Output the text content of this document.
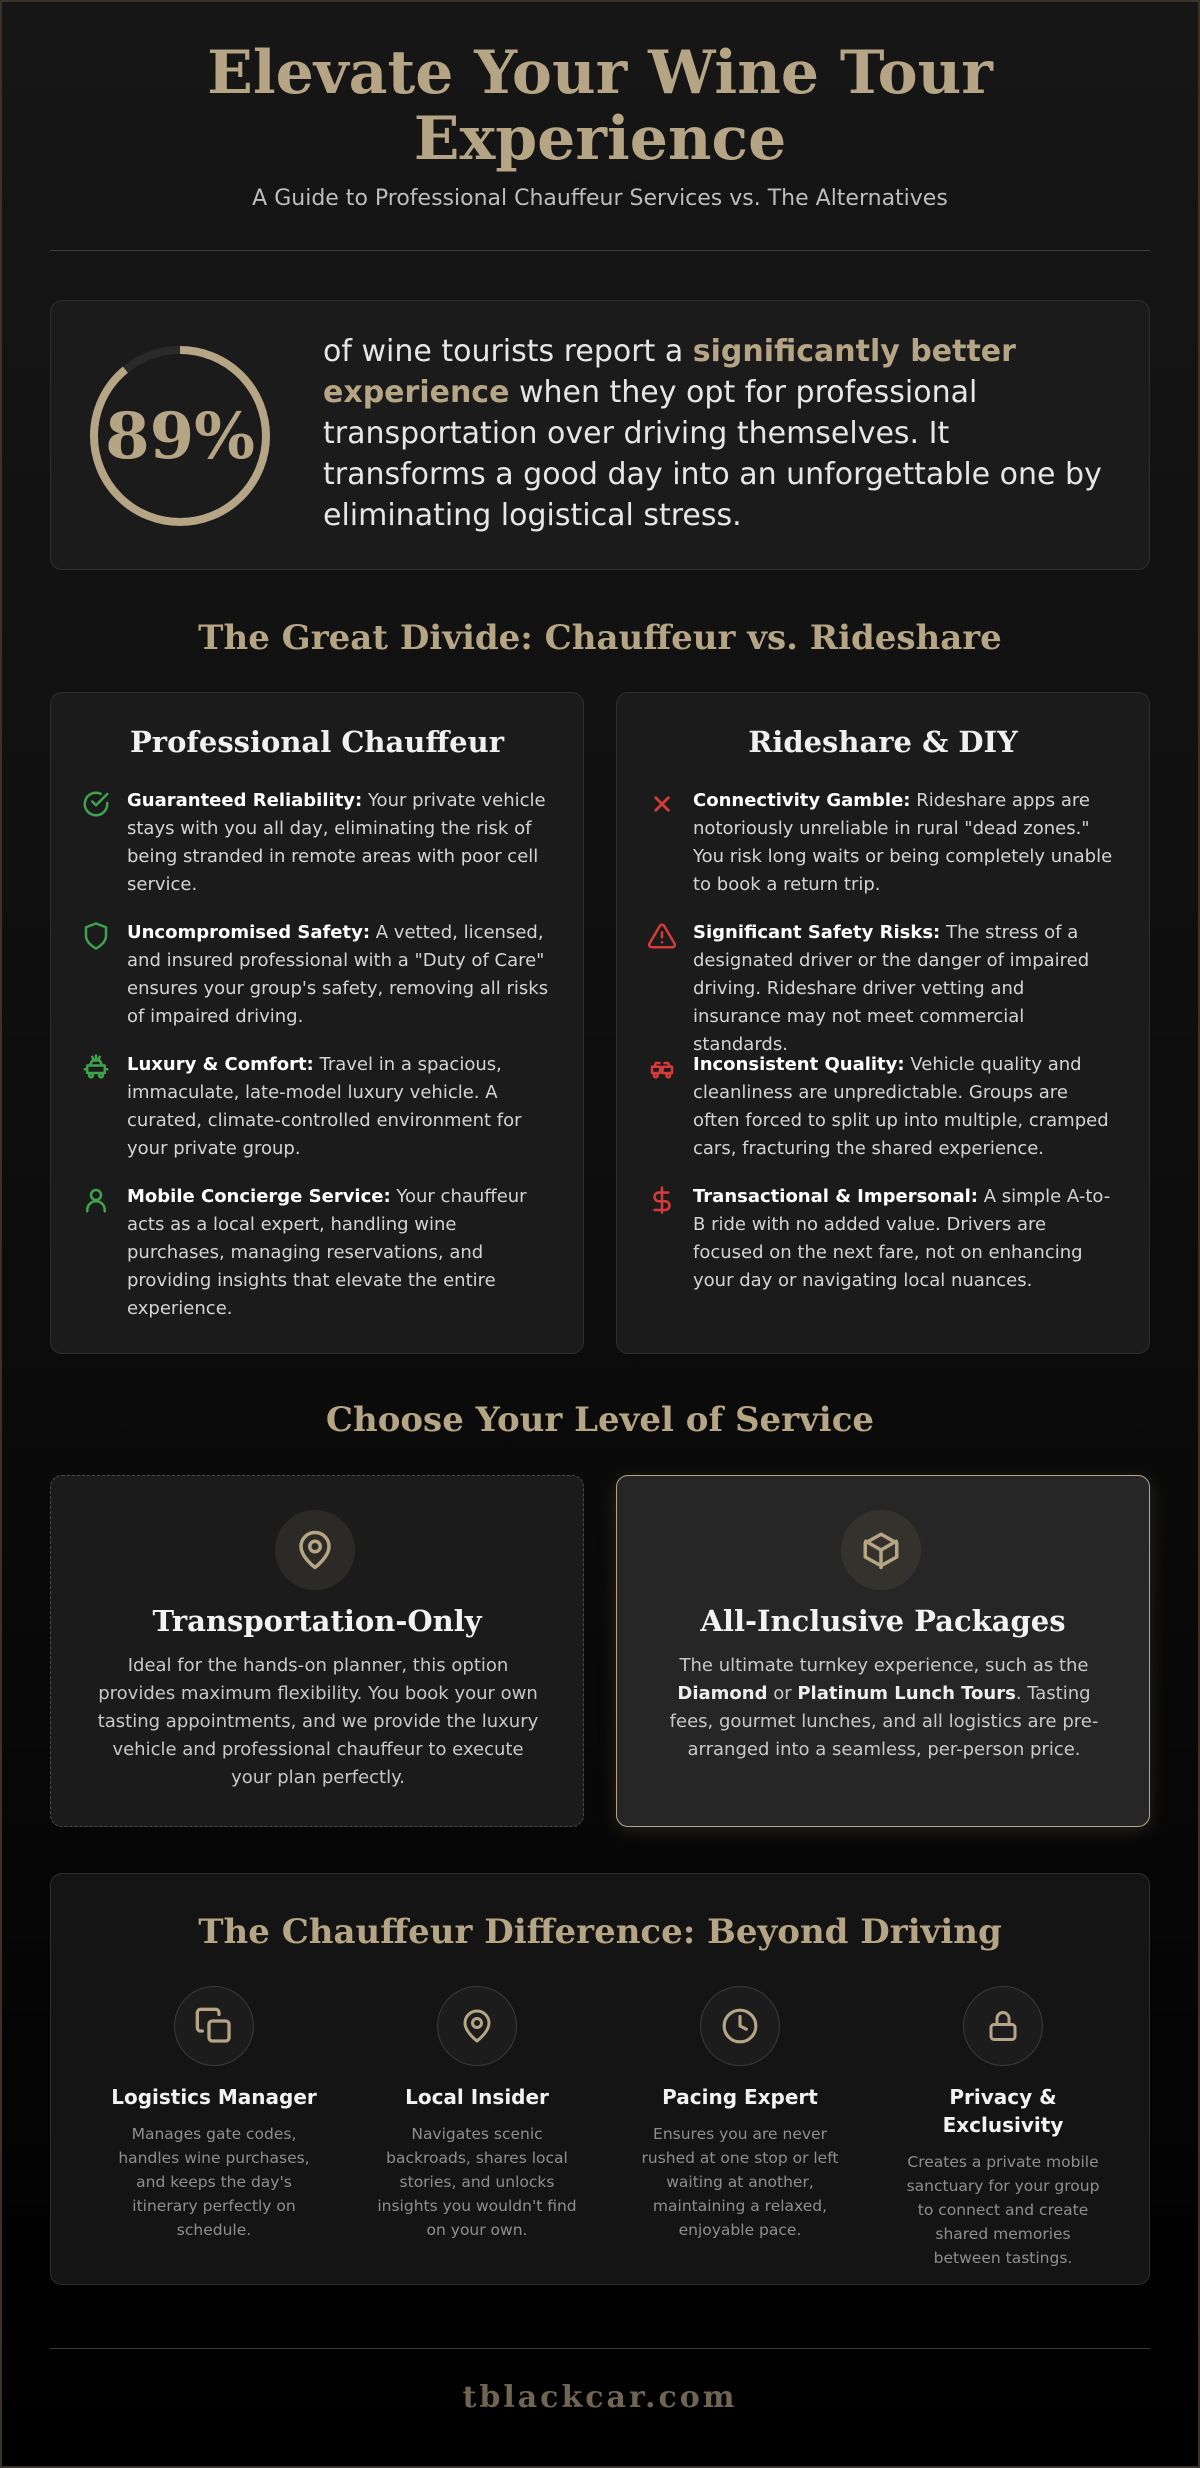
Elevate Your Wine Tour
Experience
A Guide to Professional Chauffeur Services vs. The Alternatives
89%

of wine tourists report a significantly better experience when they opt for professional transportation over driving themselves. It transforms a good day into an unforgettable one by eliminating logistical stress.

The Great Divide: Chauffeur vs. Rideshare
Professional Chauffeur

Guaranteed Reliability: Your private vehicle stays with you all day, eliminating the risk of being stranded in remote areas with poor cell service.

Uncompromised Safety: A vetted, licensed, and insured professional with a "Duty of Care" ensures your group's safety, removing all risks of impaired driving.

Luxury & Comfort: Travel in a spacious, immaculate, late-model luxury vehicle. A curated, climate-controlled environment for your private group.

Mobile Concierge Service: Your chauffeur acts as a local expert, handling wine purchases, managing reservations, and providing insights that elevate the entire experience.

Rideshare & DIY

Connectivity Gamble: Rideshare apps are notoriously unreliable in rural "dead zones." You risk long waits or being completely unable to book a return trip.

Significant Safety Risks: The stress of a designated driver or the danger of impaired driving. Rideshare driver vetting and insurance may not meet commercial standards.

Inconsistent Quality: Vehicle quality and cleanliness are unpredictable. Groups are often forced to split up into multiple, cramped cars, fracturing the shared experience.

Transactional & Impersonal: A simple A-to-B ride with no added value. Drivers are focused on the next fare, not on enhancing your day or navigating local nuances.

Choose Your Level of Service
Transportation-Only

Ideal for the hands-on planner, this option provides maximum flexibility. You book your own tasting appointments, and we provide the luxury vehicle and professional chauffeur to execute your plan perfectly.

All-Inclusive Packages

The ultimate turnkey experience, such as the Diamond or Platinum Lunch Tours. Tasting fees, gourmet lunches, and all logistics are pre-arranged into a seamless, per-person price.

The Chauffeur Difference: Beyond Driving
Logistics Manager

Manages gate codes, handles wine purchases, and keeps the day's itinerary perfectly on schedule.

Local Insider

Navigates scenic backroads, shares local stories, and unlocks insights you wouldn't find on your own.

Pacing Expert

Ensures you are never rushed at one stop or left waiting at another, maintaining a relaxed, enjoyable pace.

Privacy & Exclusivity

Creates a private mobile sanctuary for your group to connect and create shared memories between tastings.

tblackcar.com
